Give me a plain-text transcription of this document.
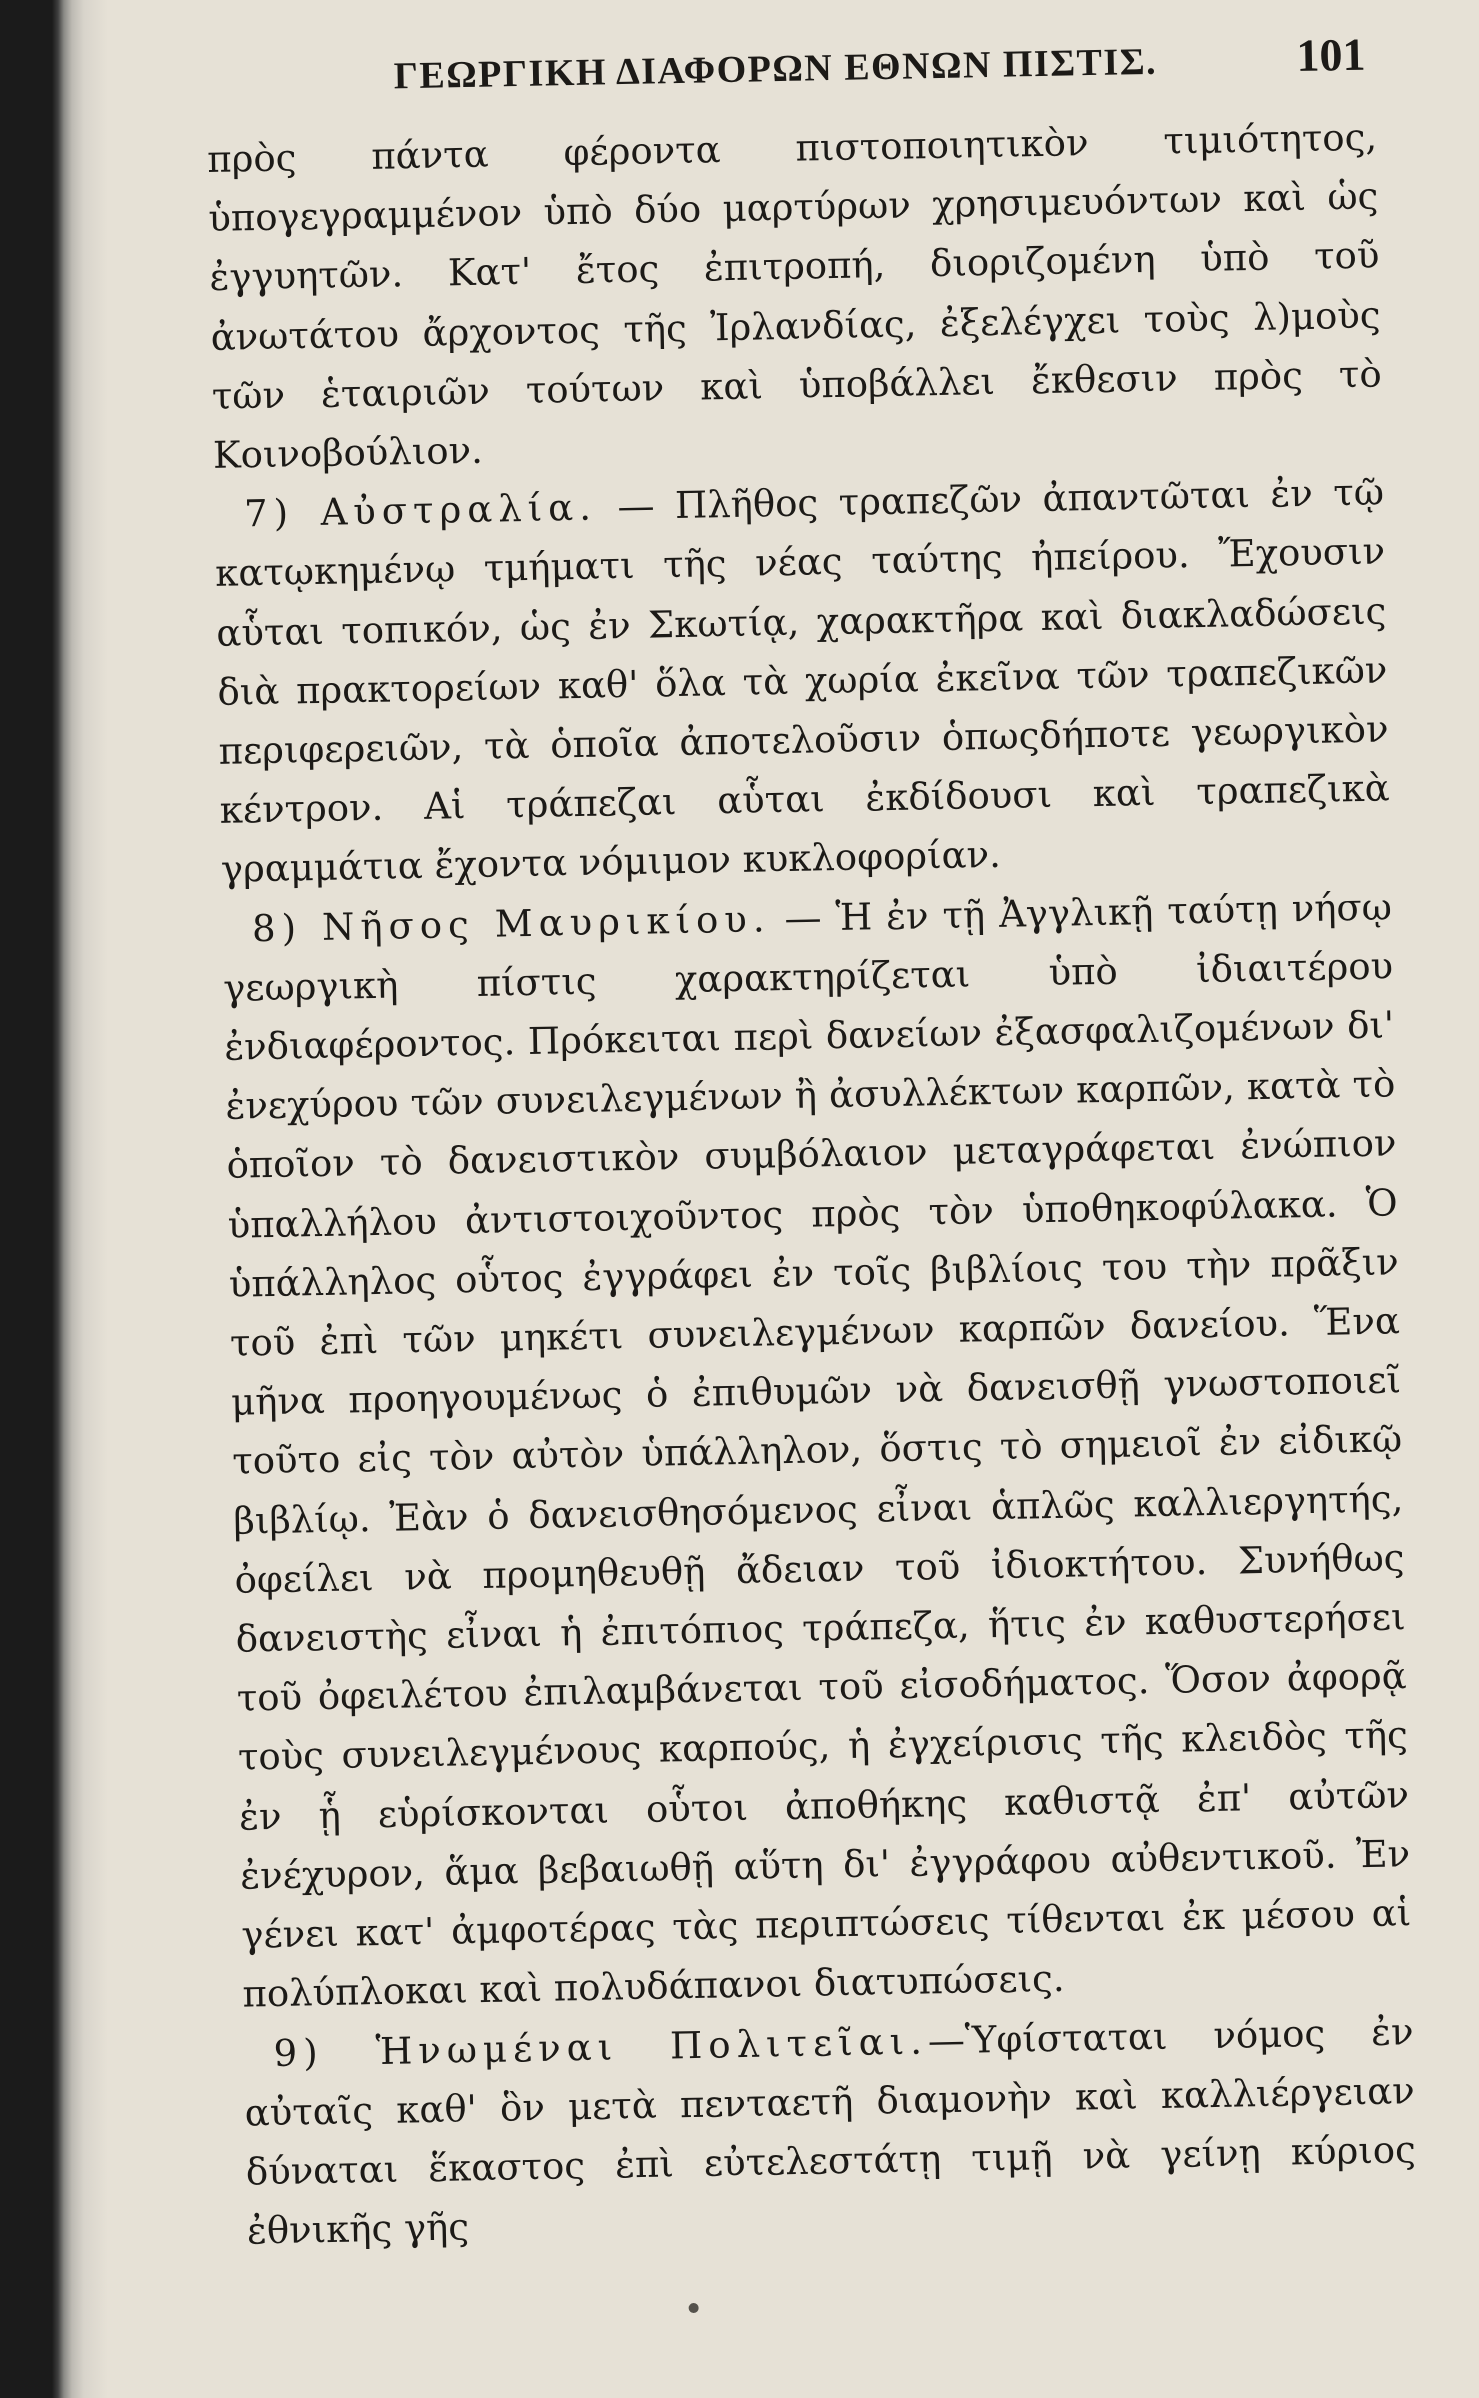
ΓΕΩΡΓΙΚΗ ΔΙΑΦΟΡΩΝ ΕΘΝΩΝ ΠΙΣΤΙΣ.	101

πρὸς πάντα φέροντα πιστοποιητικὸν τιμιότητος, ὑπογεγραμμένον ὑπὸ δύο μαρτύρων χρησιμευόντων καὶ ὡς ἐγγυητῶν. Κατ' ἔτος ἐπιτροπή, διοριζομένη ὑπὸ τοῦ ἀνωτάτου ἄρχοντος τῆς Ἰρλανδίας, ἐξελέγχει τοὺς λ)μοὺς τῶν ἑταιριῶν τούτων καὶ ὑποβάλλει ἔκθεσιν πρὸς τὸ Κοινοβούλιον.

7) Αὐστραλία. — Πλῆθος τραπεζῶν ἀπαντῶται ἐν τῷ κατῳκημένῳ τμήματι τῆς νέας ταύτης ἠπείρου. Ἔχουσιν αὗται τοπικόν, ὡς ἐν Σκωτίᾳ, χαρακτῆρα καὶ διακλαδώσεις διὰ πρακτορείων καθ' ὅλα τὰ χωρία ἐκεῖνα τῶν τραπεζικῶν περιφερειῶν, τὰ ὁποῖα ἀποτελοῦσιν ὁπωςδήποτε γεωργικὸν κέντρον. Αἱ τράπεζαι αὗται ἐκδίδουσι καὶ τραπεζικὰ γραμμάτια ἔχοντα νόμιμον κυκλοφορίαν.

8) Νῆσος Μαυρικίου. — Ἡ ἐν τῇ Ἀγγλικῇ ταύτῃ νήσῳ γεωργικὴ πίστις χαρακτηρίζεται ὑπὸ ἰδιαιτέρου ἐνδιαφέροντος. Πρόκειται περὶ δανείων ἐξασφαλιζομένων δι' ἐνεχύρου τῶν συνειλεγμένων ἢ ἀσυλλέκτων καρπῶν, κατὰ τὸ ὁποῖον τὸ δανειστικὸν συμβόλαιον μεταγράφεται ἐνώπιον ὑπαλλήλου ἀντιστοιχοῦντος πρὸς τὸν ὑποθηκοφύλακα. Ὁ ὑπάλληλος οὗτος ἐγγράφει ἐν τοῖς βιβλίοις του τὴν πρᾶξιν τοῦ ἐπὶ τῶν μηκέτι συνειλεγμένων καρπῶν δανείου. Ἕνα μῆνα προηγουμένως ὁ ἐπιθυμῶν νὰ δανεισθῇ γνωστοποιεῖ τοῦτο εἰς τὸν αὐτὸν ὑπάλληλον, ὅστις τὸ σημειοῖ ἐν εἰδικῷ βιβλίῳ. Ἐὰν ὁ δανεισθησόμενος εἶναι ἁπλῶς καλλιεργητής, ὀφείλει νὰ προμηθευθῇ ἄδειαν τοῦ ἰδιοκτήτου. Συνήθως δανειστὴς εἶναι ἡ ἐπιτόπιος τράπεζα, ἥτις ἐν καθυστερήσει τοῦ ὀφειλέτου ἐπιλαμβάνεται τοῦ εἰσοδήματος. Ὅσον ἀφορᾷ τοὺς συνειλεγμένους καρπούς, ἡ ἐγχείρισις τῆς κλειδὸς τῆς ἐν ᾗ εὑρίσκονται οὗτοι ἀποθήκης καθιστᾷ ἐπ' αὐτῶν ἐνέχυρον, ἅμα βεβαιωθῇ αὕτη δι' ἐγγράφου αὐθεντικοῦ. Ἐν γένει κατ' ἀμφοτέρας τὰς περιπτώσεις τίθενται ἐκ μέσου αἱ πολύπλοκαι καὶ πολυδάπανοι διατυπώσεις.

9) Ἡνωμέναι Πολιτεῖαι.—Ὑφίσταται νόμος ἐν αὐταῖς καθ' ὃν μετὰ πενταετῆ διαμονὴν καὶ καλλιέργειαν δύναται ἕκαστος ἐπὶ εὐτελεστάτῃ τιμῇ νὰ γείνῃ κύριος ἐθνικῆς γῆς
